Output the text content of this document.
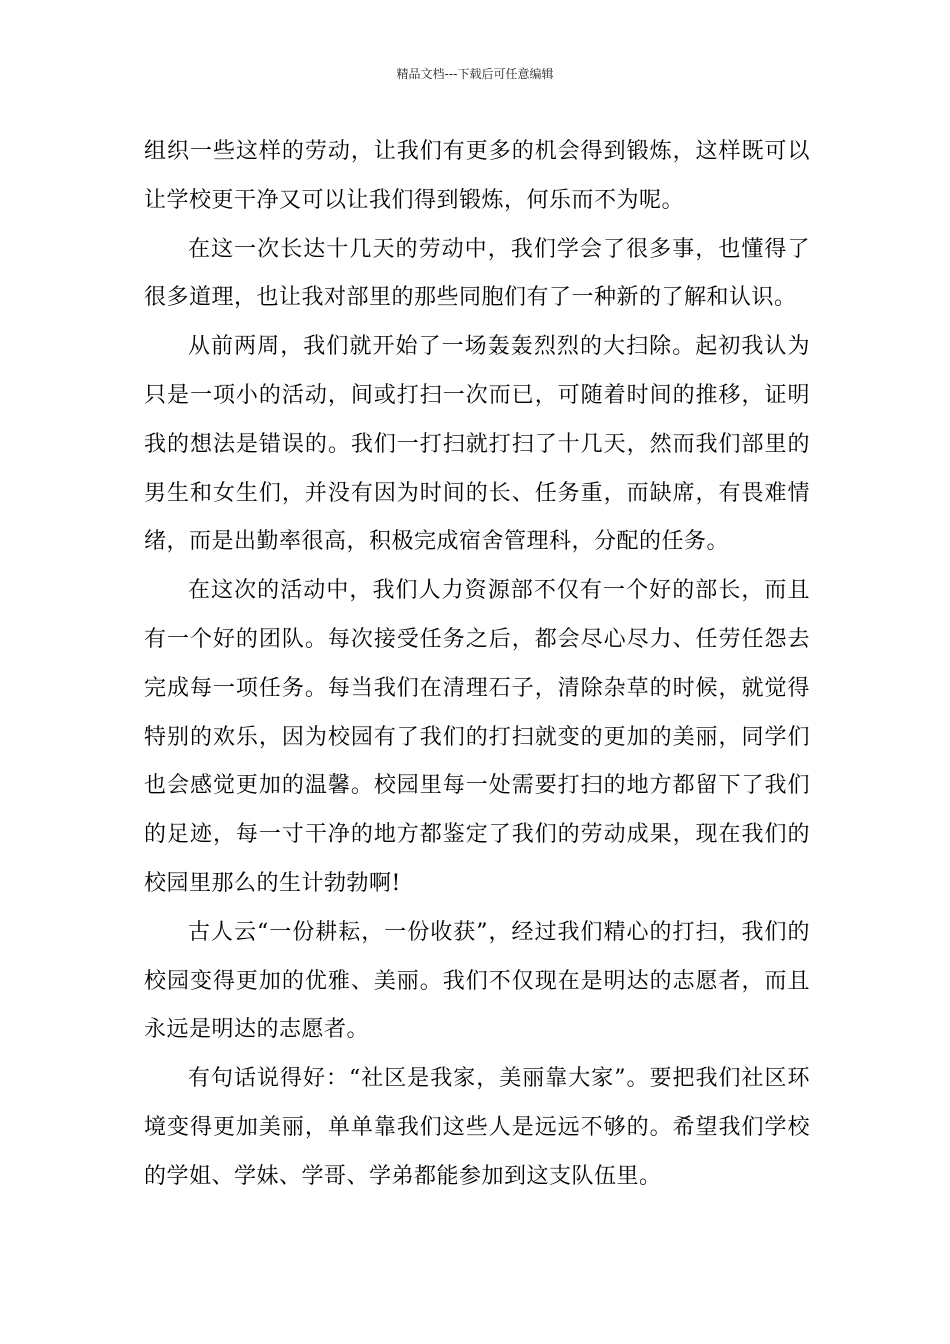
精品文档---下载后可任意编辑

组织一些这样的劳动，让我们有更多的机会得到锻炼，这样既可以让学校更干净又可以让我们得到锻炼，何乐而不为呢。

在这一次长达十几天的劳动中，我们学会了很多事，也懂得了很多道理，也让我对部里的那些同胞们有了一种新的了解和认识。

从前两周，我们就开始了一场轰轰烈烈的大扫除。起初我认为只是一项小的活动，间或打扫一次而已，可随着时间的推移，证明我的想法是错误的。我们一打扫就打扫了十几天，然而我们部里的男生和女生们，并没有因为时间的长、任务重，而缺席，有畏难情绪，而是出勤率很高，积极完成宿舍管理科，分配的任务。

在这次的活动中，我们人力资源部不仅有一个好的部长，而且有一个好的团队。每次接受任务之后，都会尽心尽力、任劳任怨去完成每一项任务。每当我们在清理石子，清除杂草的时候，就觉得特别的欢乐，因为校园有了我们的打扫就变的更加的美丽，同学们也会感觉更加的温馨。校园里每一处需要打扫的地方都留下了我们的足迹，每一寸干净的地方都鉴定了我们的劳动成果，现在我们的校园里那么的生计勃勃啊!

古人云“一份耕耘，一份收获”，经过我们精心的打扫，我们的校园变得更加的优雅、美丽。我们不仅现在是明达的志愿者，而且永远是明达的志愿者。

有句话说得好：“社区是我家，美丽靠大家”。要把我们社区环境变得更加美丽，单单靠我们这些人是远远不够的。希望我们学校的学姐、学妹、学哥、学弟都能参加到这支队伍里。
